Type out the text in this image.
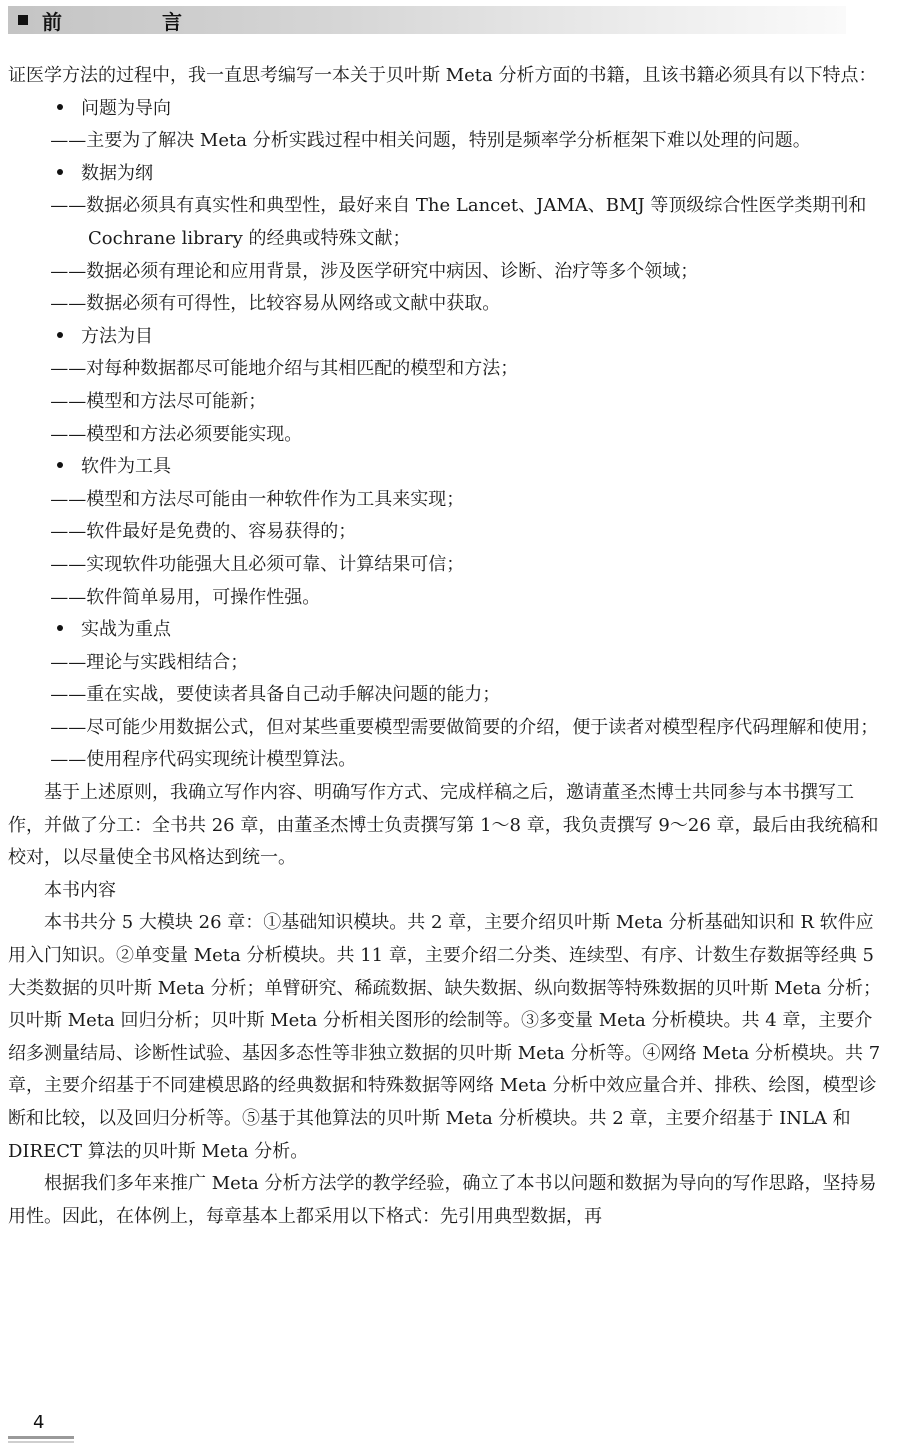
前　言

证医学方法的过程中，我一直思考编写一本关于贝叶斯 Meta 分析方面的书籍，且该书籍必须具有以下特点：

问题为导向

——主要为了解决 Meta 分析实践过程中相关问题，特别是频率学分析框架下难以处理的问题。

数据为纲

——数据必须具有真实性和典型性，最好来自 The Lancet、JAMA、BMJ 等顶级综合性医学类期刊和 Cochrane library 的经典或特殊文献；

——数据必须有理论和应用背景，涉及医学研究中病因、诊断、治疗等多个领域；

——数据必须有可得性，比较容易从网络或文献中获取。

方法为目

——对每种数据都尽可能地介绍与其相匹配的模型和方法；

——模型和方法尽可能新；

——模型和方法必须要能实现。

软件为工具

——模型和方法尽可能由一种软件作为工具来实现；

——软件最好是免费的、容易获得的；

——实现软件功能强大且必须可靠、计算结果可信；

——软件简单易用，可操作性强。

实战为重点

——理论与实践相结合；

——重在实战，要使读者具备自己动手解决问题的能力；

——尽可能少用数据公式，但对某些重要模型需要做简要的介绍，便于读者对模型程序代码理解和使用；

——使用程序代码实现统计模型算法。

基于上述原则，我确立写作内容、明确写作方式、完成样稿之后，邀请董圣杰博士共同参与本书撰写工作，并做了分工：全书共 26 章，由董圣杰博士负责撰写第 1～8 章，我负责撰写 9～26 章，最后由我统稿和校对，以尽量使全书风格达到统一。

本书内容

本书共分 5 大模块 26 章：①基础知识模块。共 2 章，主要介绍贝叶斯 Meta 分析基础知识和 R 软件应用入门知识。②单变量 Meta 分析模块。共 11 章，主要介绍二分类、连续型、有序、计数生存数据等经典 5 大类数据的贝叶斯 Meta 分析；单臂研究、稀疏数据、缺失数据、纵向数据等特殊数据的贝叶斯 Meta 分析；贝叶斯 Meta 回归分析；贝叶斯 Meta 分析相关图形的绘制等。③多变量 Meta 分析模块。共 4 章，主要介绍多测量结局、诊断性试验、基因多态性等非独立数据的贝叶斯 Meta 分析等。④网络 Meta 分析模块。共 7 章，主要介绍基于不同建模思路的经典数据和特殊数据等网络 Meta 分析中效应量合并、排秩、绘图，模型诊断和比较，以及回归分析等。⑤基于其他算法的贝叶斯 Meta 分析模块。共 2 章，主要介绍基于 INLA 和 DIRECT 算法的贝叶斯 Meta 分析。

根据我们多年来推广 Meta 分析方法学的教学经验，确立了本书以问题和数据为导向的写作思路，坚持易用性。因此，在体例上，每章基本上都采用以下格式：先引用典型数据，再

4
